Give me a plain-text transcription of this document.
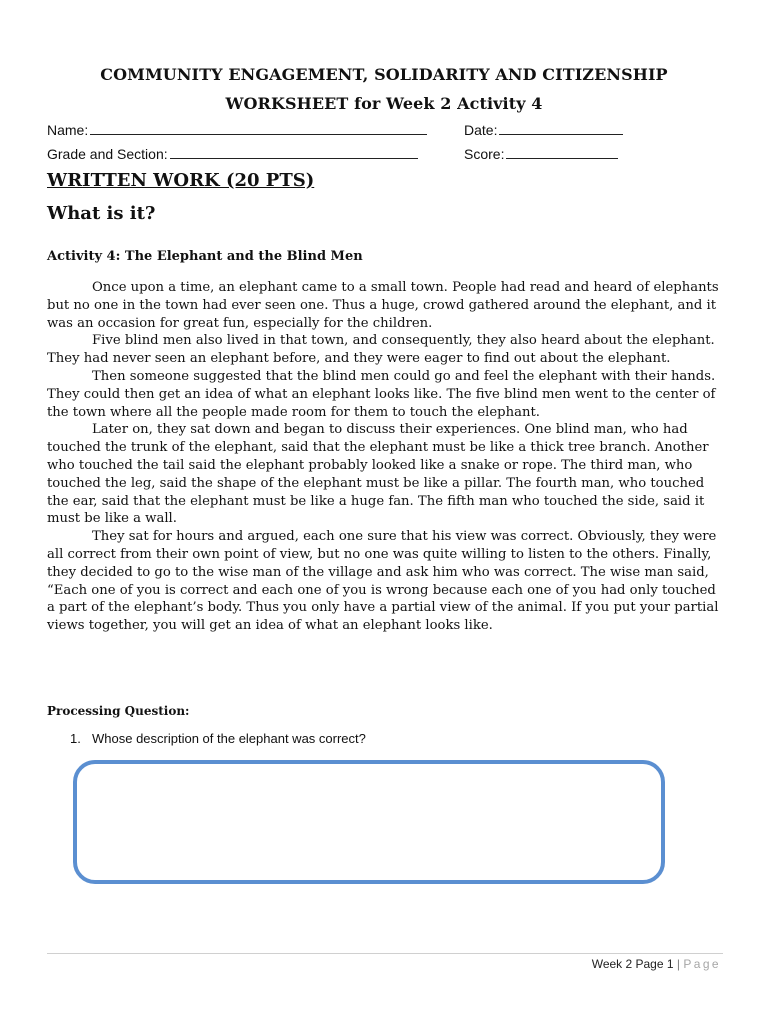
COMMUNITY ENGAGEMENT, SOLIDARITY AND CITIZENSHIP
WORKSHEET for Week 2 Activity 4
Name:	Date:
Grade and Section:	Score:
WRITTEN WORK (20 PTS)
What is it?
Activity 4: The Elephant and the Blind Men

Once upon a time, an elephant came to a small town. People had read and heard of elephants but no one in the town had ever seen one. Thus a huge, crowd gathered around the elephant, and it was an occasion for great fun, especially for the children.

Five blind men also lived in that town, and consequently, they also heard about the elephant. They had never seen an elephant before, and they were eager to find out about the elephant.

Then someone suggested that the blind men could go and feel the elephant with their hands. They could then get an idea of what an elephant looks like. The five blind men went to the center of the town where all the people made room for them to touch the elephant.

Later on, they sat down and began to discuss their experiences. One blind man, who had touched the trunk of the elephant, said that the elephant must be like a thick tree branch. Another who touched the tail said the elephant probably looked like a snake or rope. The third man, who touched the leg, said the shape of the elephant must be like a pillar. The fourth man, who touched the ear, said that the elephant must be like a huge fan. The fifth man who touched the side, said it must be like a wall.

They sat for hours and argued, each one sure that his view was correct. Obviously, they were all correct from their own point of view, but no one was quite willing to listen to the others. Finally, they decided to go to the wise man of the village and ask him who was correct. The wise man said, “Each one of you is correct and each one of you is wrong because each one of you had only touched a part of the elephant’s body. Thus you only have a partial view of the animal. If you put your partial views together, you will get an idea of what an elephant looks like.

Processing Question:
1. Whose description of the elephant was correct?
Week 2 Page 1 | Page
